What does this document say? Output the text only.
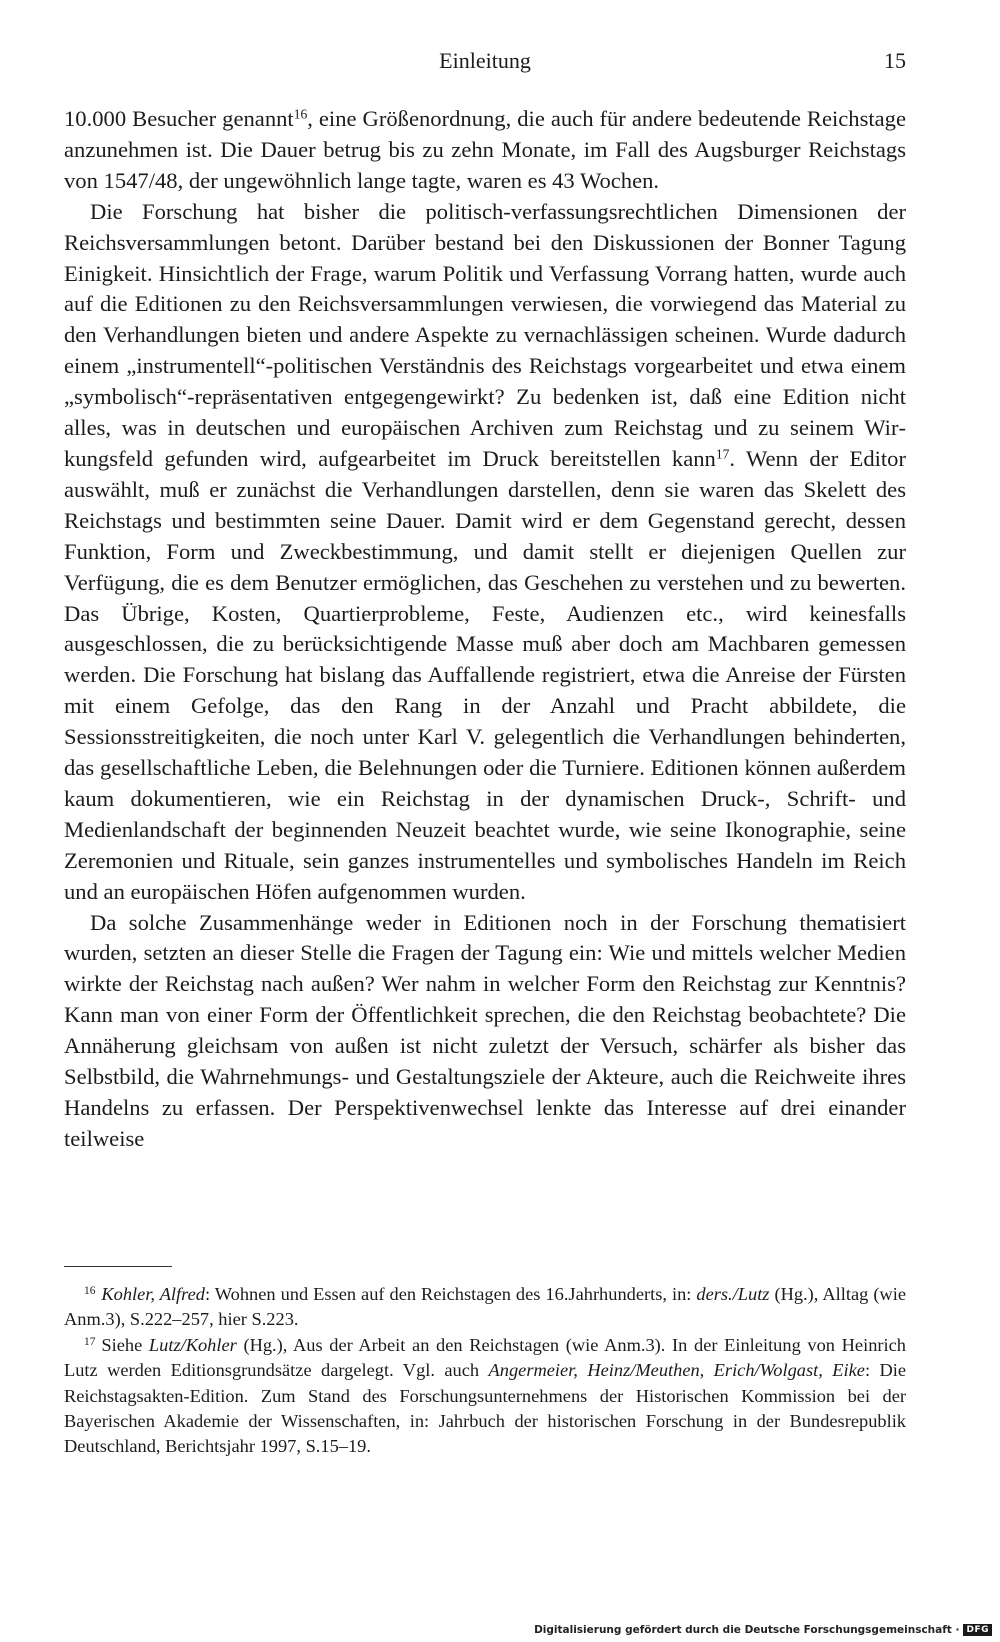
Einleitung	15

10.000 Besucher genannt$^{16}$, eine Größenordnung, die auch für andere bedeutende Reichstage anzunehmen ist. Die Dauer betrug bis zu zehn Monate, im Fall des Augsburger Reichstags von 1547/48, der ungewöhnlich lange tagte, waren es 43 Wochen.

Die Forschung hat bisher die politisch-verfassungsrechtlichen Dimensionen der Reichsversammlungen betont. Darüber bestand bei den Diskussionen der Bonner Tagung Einigkeit. Hinsichtlich der Frage, warum Politik und Verfassung Vorrang hatten, wurde auch auf die Editionen zu den Reichsversammlungen verwiesen, die vorwiegend das Material zu den Verhandlungen bieten und andere Aspekte zu vernachlässigen scheinen. Wurde dadurch einem „instrumentell“-politischen Verständnis des Reichstags vorgearbeitet und etwa einem „symbolisch“-repräsentativen entgegengewirkt? Zu bedenken ist, daß eine Edition nicht alles, was in deutschen und europäischen Archiven zum Reichstag und zu seinem Wirkungsfeld gefunden wird, aufgearbeitet im Druck bereitstellen kann$^{17}$. Wenn der Editor auswählt, muß er zunächst die Verhandlungen darstellen, denn sie waren das Skelett des Reichstags und bestimmten seine Dauer. Damit wird er dem Gegenstand gerecht, dessen Funktion, Form und Zweckbestimmung, und damit stellt er diejenigen Quellen zur Verfügung, die es dem Benutzer ermöglichen, das Geschehen zu verstehen und zu bewerten. Das Übrige, Kosten, Quartierprobleme, Feste, Audienzen etc., wird keinesfalls ausgeschlossen, die zu berücksichtigende Masse muß aber doch am Machbaren gemessen werden. Die Forschung hat bislang das Auffallende registriert, etwa die Anreise der Fürsten mit einem Gefolge, das den Rang in der Anzahl und Pracht abbildete, die Sessionsstreitigkeiten, die noch unter Karl V. gelegentlich die Verhandlungen behinderten, das gesellschaftliche Leben, die Belehnungen oder die Turniere. Editionen können außerdem kaum dokumentieren, wie ein Reichstag in der dynamischen Druck-, Schrift- und Medienlandschaft der beginnenden Neuzeit beachtet wurde, wie seine Ikonographie, seine Zeremonien und Rituale, sein ganzes instrumentelles und symbolisches Handeln im Reich und an europäischen Höfen aufgenommen wurden.

Da solche Zusammenhänge weder in Editionen noch in der Forschung thematisiert wurden, setzten an dieser Stelle die Fragen der Tagung ein: Wie und mittels welcher Medien wirkte der Reichstag nach außen? Wer nahm in welcher Form den Reichstag zur Kenntnis? Kann man von einer Form der Öffentlichkeit sprechen, die den Reichstag beobachtete? Die Annäherung gleichsam von außen ist nicht zuletzt der Versuch, schärfer als bisher das Selbstbild, die Wahrnehmungs- und Gestaltungsziele der Akteure, auch die Reichweite ihres Handelns zu erfassen. Der Perspektivenwechsel lenkte das Interesse auf drei einander teilweise

$^{16}$ Kohler, Alfred: Wohnen und Essen auf den Reichstagen des 16.Jahrhunderts, in: ders./Lutz (Hg.), Alltag (wie Anm.3), S.222–257, hier S.223.

$^{17}$ Siehe Lutz/Kohler (Hg.), Aus der Arbeit an den Reichstagen (wie Anm.3). In der Einleitung von Heinrich Lutz werden Editionsgrundsätze dargelegt. Vgl. auch Angermeier, Heinz/Meuthen, Erich/Wolgast, Eike: Die Reichstagsakten-Edition. Zum Stand des Forschungsunternehmens der Historischen Kommission bei der Bayerischen Akademie der Wissenschaften, in: Jahrbuch der historischen Forschung in der Bundesrepublik Deutschland, Berichtsjahr 1997, S.15–19.

Digitalisierung gefördert durch die Deutsche Forschungsgemeinschaft · DFG
